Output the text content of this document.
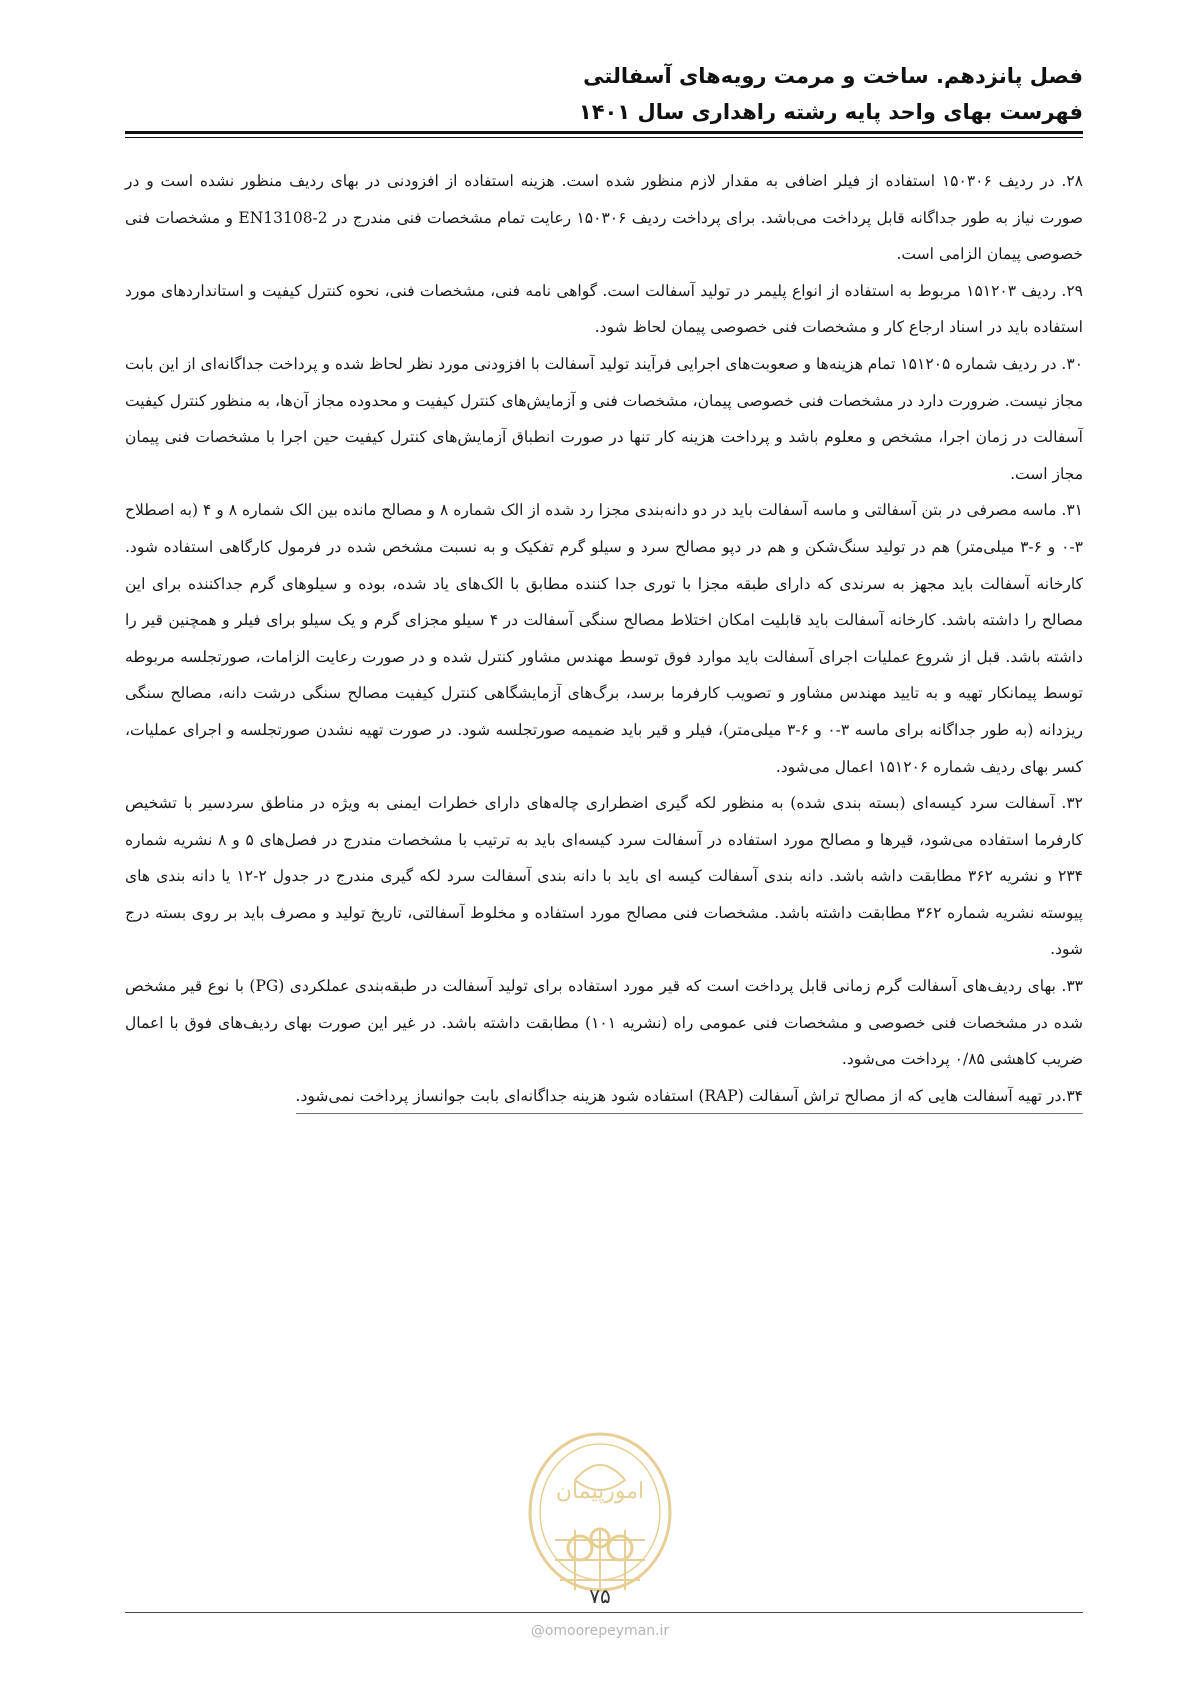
فصل پانزدهم. ساخت و مرمت رویه‌های آسفالتی
فهرست بهای واحد پایه رشته راهداری سال ۱۴۰۱

۲۸. در ردیف ۱۵۰۳۰۶ استفاده از فیلر اضافی به مقدار لازم منظور شده است. هزینه استفاده از افزودنی در بهای ردیف منظور نشده است و در صورت نیاز به طور جداگانه قابل پرداخت می‌باشد. برای پرداخت ردیف ۱۵۰۳۰۶ رعایت تمام مشخصات فنی مندرج در EN13108-2 و مشخصات فنی خصوصی پیمان الزامی است.

۲۹. ردیف ۱۵۱۲۰۳ مربوط به استفاده از انواع پلیمر در تولید آسفالت است. گواهی نامه فنی، مشخصات فنی، نحوه کنترل کیفیت و استانداردهای مورد استفاده باید در اسناد ارجاع کار و مشخصات فنی خصوصی پیمان لحاظ شود.

۳۰. در ردیف شماره ۱۵۱۲۰۵ تمام هزینه‌ها و صعوبت‌های اجرایی فرآیند تولید آسفالت با افزودنی مورد نظر لحاظ شده و پرداخت جداگانه‌ای از این بابت مجاز نیست. ضرورت دارد در مشخصات فنی خصوصی پیمان، مشخصات فنی و آزمایش‌های کنترل کیفیت و محدوده مجاز آن‌ها، به منظور کنترل کیفیت آسفالت در زمان اجرا، مشخص و معلوم باشد و پرداخت هزینه کار تنها در صورت انطباق آزمایش‌های کنترل کیفیت حین اجرا با مشخصات فنی پیمان مجاز است.

۳۱. ماسه مصرفی در بتن آسفالتی و ماسه آسفالت باید در دو دانه‌بندی مجزا رد شده از الک شماره ۸ و مصالح مانده بین الک شماره ۸ و ۴ (به اصطلاح ۳-۰ و ۶-۳ میلی‌متر) هم در تولید سنگ‌شکن و هم در دپو مصالح سرد و سیلو گرم تفکیک و به نسبت مشخص شده در فرمول کارگاهی استفاده شود. کارخانه آسفالت باید مجهز به سرندی که دارای طبقه مجزا با توری جدا کننده مطابق با الک‌های یاد شده، بوده و سیلوهای گرم جداکننده برای این مصالح را داشته باشد. کارخانه آسفالت باید قابلیت امکان اختلاط مصالح سنگی آسفالت در ۴ سیلو مجزای گرم و یک سیلو برای فیلر و همچنین قیر را داشته باشد. قبل از شروع عملیات اجرای آسفالت باید موارد فوق توسط مهندس مشاور کنترل شده و در صورت رعایت الزامات، صورتجلسه مربوطه توسط پیمانکار تهیه و به تایید مهندس مشاور و تصویب کارفرما برسد، برگ‌های آزمایشگاهی کنترل کیفیت مصالح سنگی درشت دانه، مصالح سنگی ریزدانه (به طور جداگانه برای ماسه ۳-۰ و ۶-۳ میلی‌متر)، فیلر و قیر باید ضمیمه صورتجلسه شود. در صورت تهیه نشدن صورتجلسه و اجرای عملیات، کسر بهای ردیف شماره ۱۵۱۲۰۶ اعمال می‌شود.

۳۲. آسفالت سرد کیسه‌ای (بسته بندی شده) به منظور لکه گیری اضطراری چاله‌های دارای خطرات ایمنی به ویژه در مناطق سردسیر با تشخیص کارفرما استفاده می‌شود، قیرها و مصالح مورد استفاده در آسفالت سرد کیسه‌ای باید به ترتیب با مشخصات مندرج در فصل‌های ۵ و ۸ نشریه شماره ۲۳۴ و نشریه ۳۶۲ مطابقت داشه باشد. دانه بندی آسفالت کیسه ای باید با دانه بندی آسفالت سرد لکه گیری مندرج در جدول ۲-۱۲ یا دانه بندی های پیوسته نشریه شماره ۳۶۲ مطابقت داشته باشد. مشخصات فنی مصالح مورد استفاده و مخلوط آسفالتی، تاریخ تولید و مصرف باید بر روی بسته درج شود.

۳۳. بهای ردیف‌های آسفالت گرم زمانی قابل پرداخت است که قیر مورد استفاده برای تولید آسفالت در طبقه‌بندی عملکردی (PG) با نوع قیر مشخص شده در مشخصات فنی خصوصی و مشخصات فنی عمومی راه (نشریه ۱۰۱) مطابقت داشته باشد. در غیر این صورت بهای ردیف‌های فوق با اعمال ضریب کاهشی ۰/۸۵ پرداخت می‌شود.

۳۴.در تهیه آسفالت هایی که از مصالح تراش آسفالت (RAP) استفاده شود هزینه جداگانه‌ای بابت جوانساز پرداخت نمی‌شود.

امورپیمان
۷۵
@omoorepeyman.ir
